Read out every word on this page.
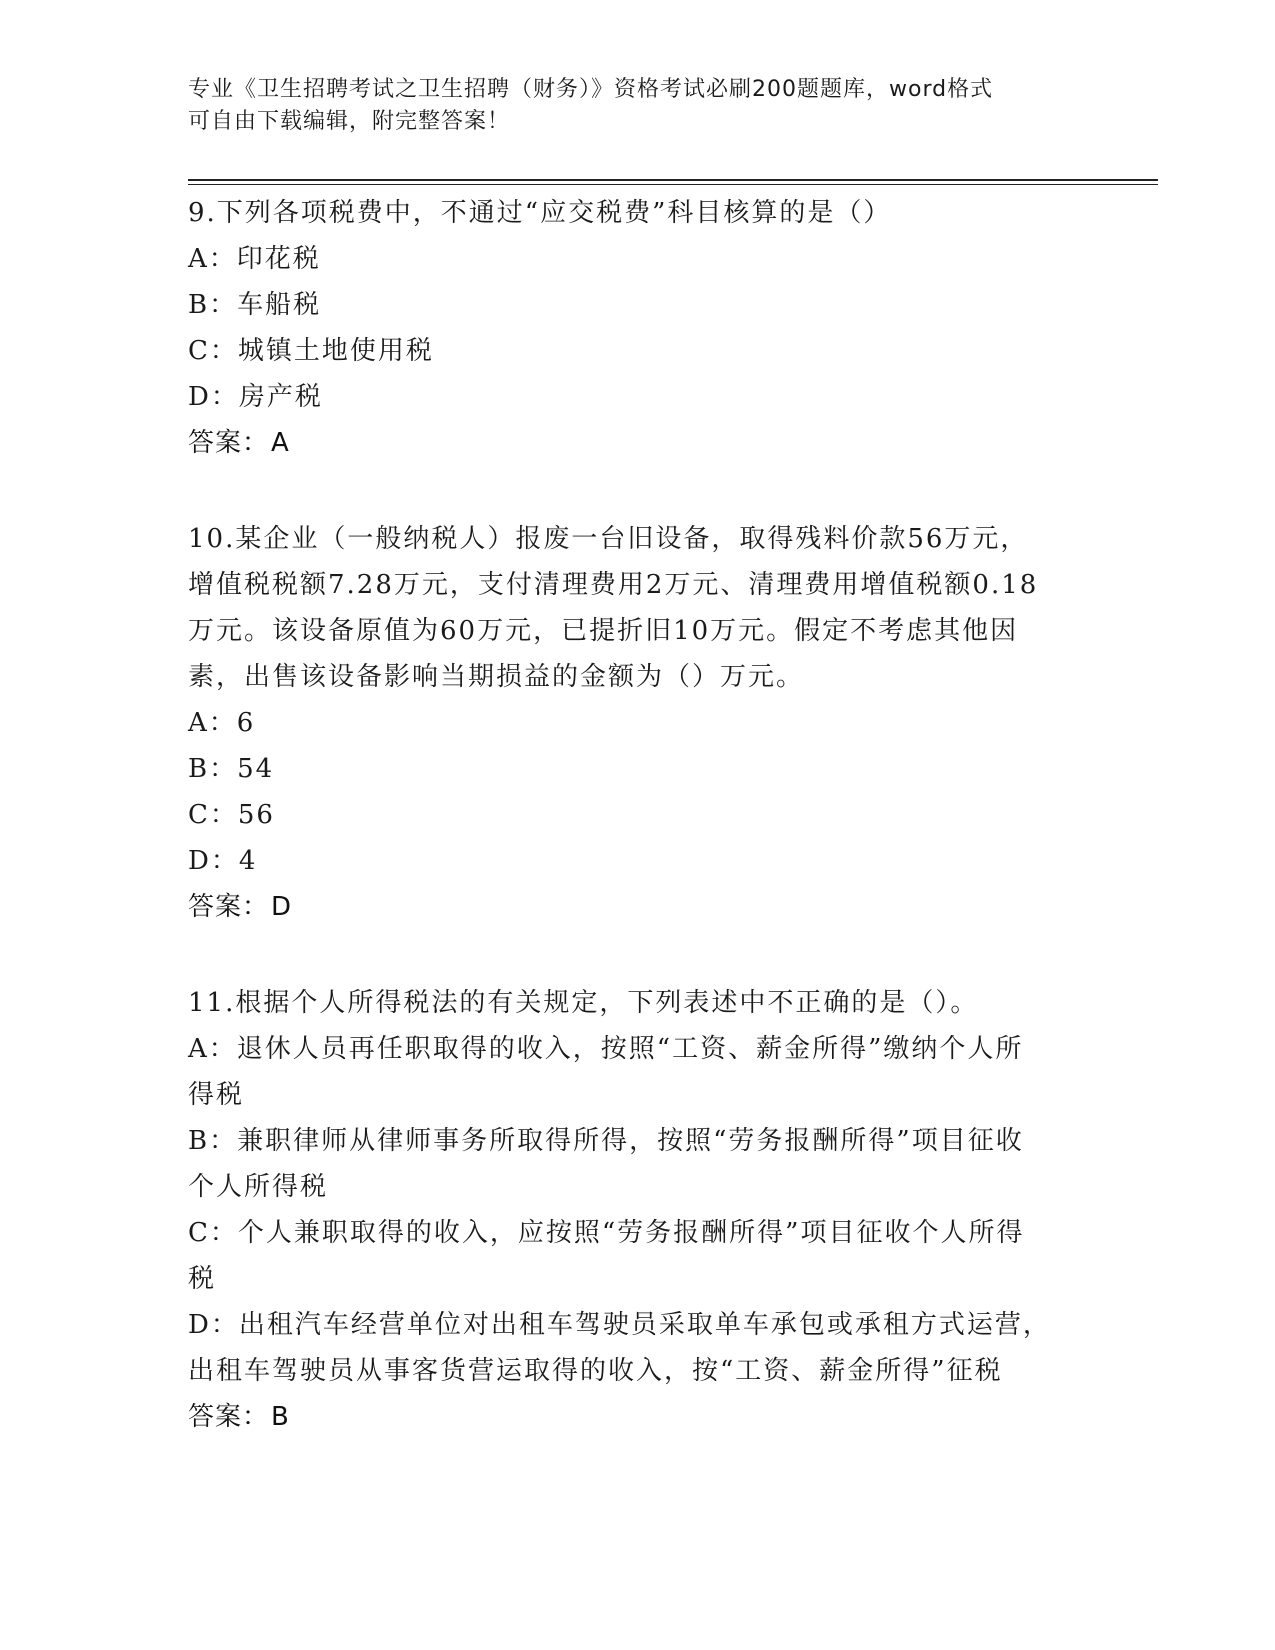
专业《卫生招聘考试之卫生招聘（财务）》资格考试必刷200题题库，word格式
可自由下载编辑，附完整答案！
9.下列各项税费中，不通过“应交税费”科目核算的是（）
A：印花税
B：车船税
C：城镇土地使用税
D：房产税
答案：A
10.某企业（一般纳税人）报废一台旧设备，取得残料价款56万元，
增值税税额7.28万元，支付清理费用2万元、清理费用增值税额0.18
万元。该设备原值为60万元，已提折旧10万元。假定不考虑其他因
素，出售该设备影响当期损益的金额为（）万元。
A：6
B：54
C：56
D：4
答案：D
11.根据个人所得税法的有关规定，下列表述中不正确的是（）。
A：退休人员再任职取得的收入，按照“工资、薪金所得”缴纳个人所
得税
B：兼职律师从律师事务所取得所得，按照“劳务报酬所得”项目征收
个人所得税
C：个人兼职取得的收入，应按照“劳务报酬所得”项目征收个人所得
税
D：出租汽车经营单位对出租车驾驶员采取单车承包或承租方式运营，
出租车驾驶员从事客货营运取得的收入，按“工资、薪金所得”征税
答案：B
